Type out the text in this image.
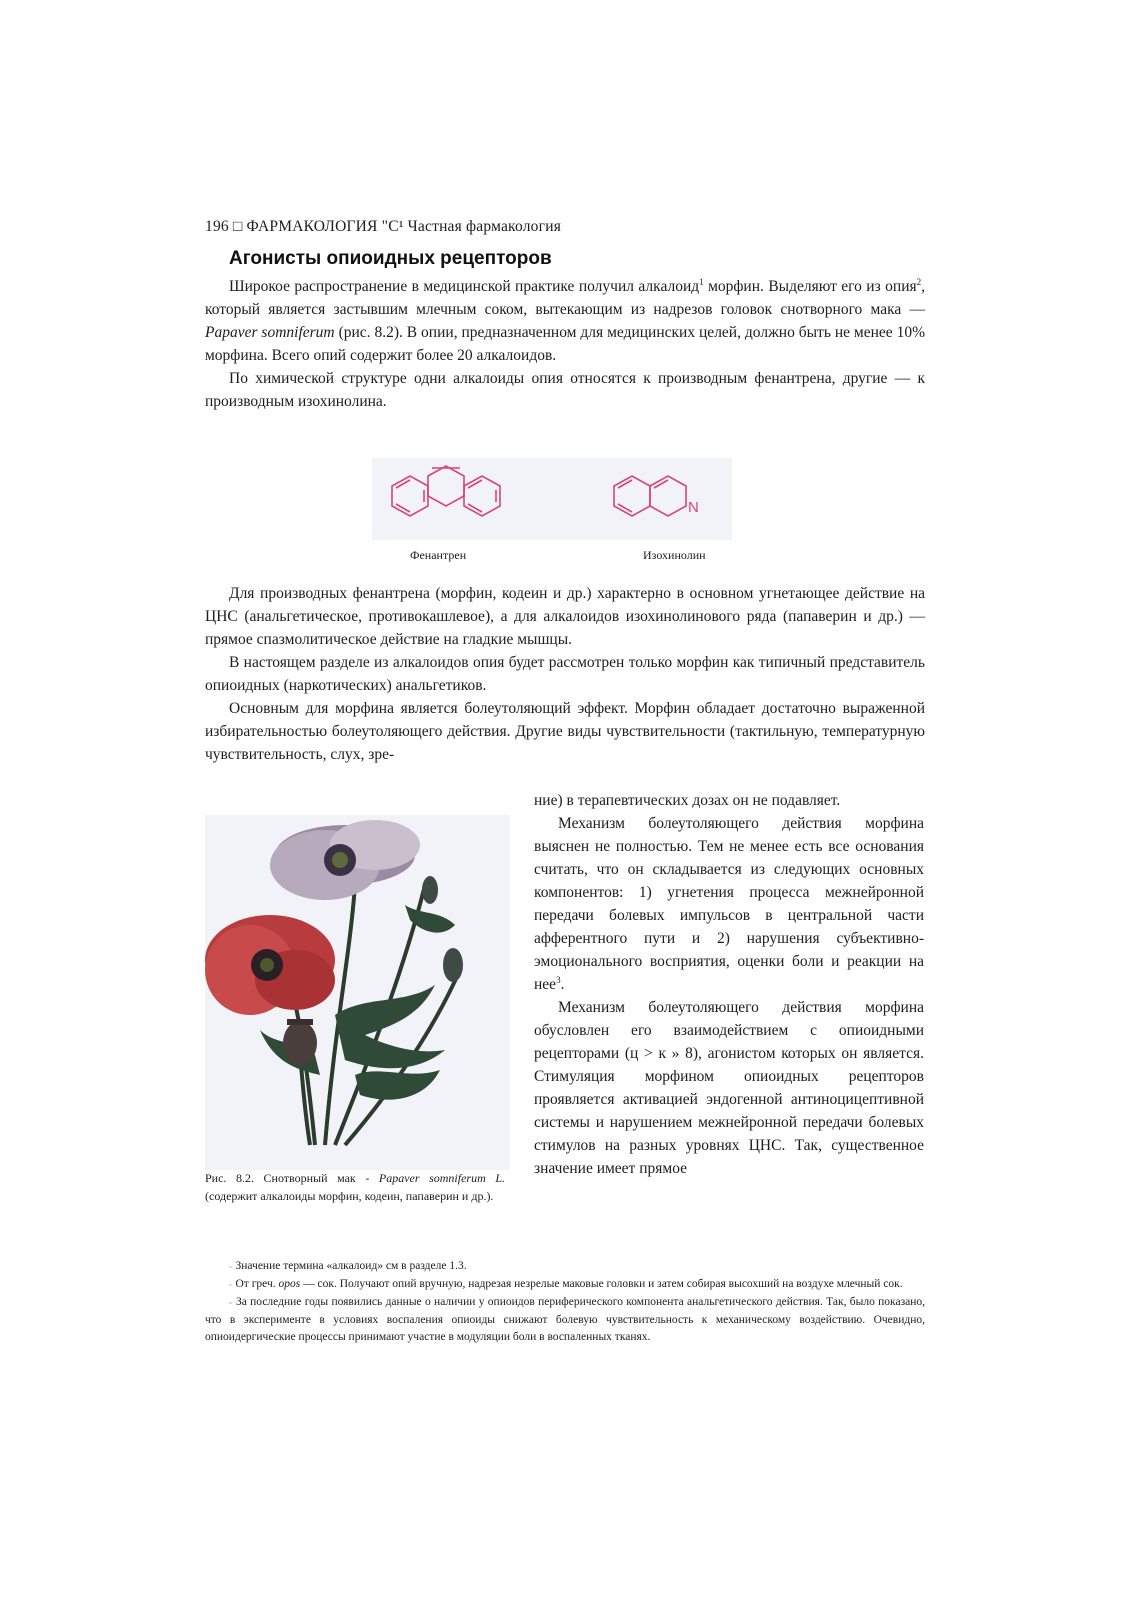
196 □ ФАРМАКОЛОГИЯ "С¹ Частная фармакология
Агонисты опиоидных рецепторов

Широкое распространение в медицинской практике получил алкалоид$^1$ морфин. Выделяют его из опия$^2$, который является застывшим млечным соком, вытекающим из надрезов головок снотворного мака — Papaver somniferum (рис. 8.2). В опии, предназначенном для медицинских целей, должно быть не менее 10% морфина. Всего опий содержит более 20 алкалоидов.

По химической структуре одни алкалоиды опия относятся к производным фенантрена, другие — к производным изохинолина.

N
Фенантрен	Изохинолин

Для производных фенантрена (морфин, кодеин и др.) характерно в основном угнетающее действие на ЦНС (анальгетическое, противокашлевое), а для алкалоидов изохинолинового ряда (папаверин и др.) — прямое спазмолитическое действие на гладкие мышцы.

В настоящем разделе из алкалоидов опия будет рассмотрен только морфин как типичный представитель опиоидных (наркотических) анальгетиков.

Основным для морфина является болеутоляющий эффект. Морфин обладает достаточно выраженной избирательностью болеутоляющего действия. Другие виды чувствительности (тактильную, температурную чувствительность, слух, зре-

ние) в терапевтических дозах он не подавляет.

Механизм болеутоляющего действия морфина выяснен не полностью. Тем не менее есть все основания считать, что он складывается из следующих основных компонентов: 1) угнетения процесса межнейронной передачи болевых импульсов в центральной части афферентного пути и 2) нарушения субъективно-эмоционального восприятия, оценки боли и реакции на нее$^3$.

Механизм болеутоляющего действия морфина обусловлен его взаимодействием с опиоидными рецепторами (ц > к » 8), агонистом которых он является. Стимуляция морфином опиоидных рецепторов проявляется активацией эндогенной антиноцицептивной системы и нарушением межнейронной передачи болевых стимулов на разных уровнях ЦНС. Так, существенное значение имеет прямое

Рис. 8.2. Снотворный мак - Papaver somniferum L. (содержит алкалоиды морфин, кодеин, папаверин и др.).

▫ Значение термина «алкалоид» см в разделе 1.3.

▫ От греч. opos — сок. Получают опий вручную, надрезая незрелые маковые головки и затем собирая высохший на воздухе млечный сок.

▫ За последние годы появились данные о наличии у опиоидов периферического компонента анальгетического действия. Так, было показано, что в эксперименте в условиях воспаления опиоиды снижают болевую чувствительность к механическому воздействию. Очевидно, опиоидергические процессы принимают участие в модуляции боли в воспаленных тканях.
